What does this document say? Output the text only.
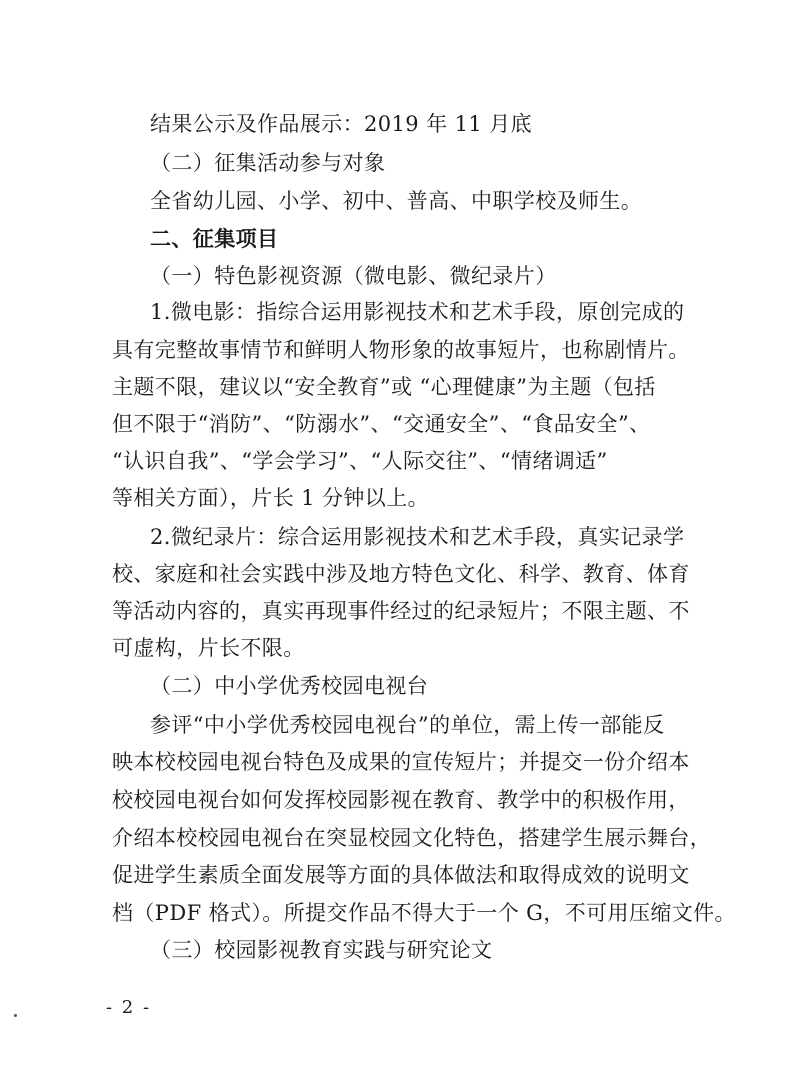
结果公示及作品展示：2019 年 11 月底
（二）征集活动参与对象
全省幼儿园、小学、初中、普高、中职学校及师生。
二、征集项目
（一）特色影视资源（微电影、微纪录片）
1.微电影：指综合运用影视技术和艺术手段，原创完成的
具有完整故事情节和鲜明人物形象的故事短片，也称剧情片。
主题不限，建议以“安全教育”或 “心理健康”为主题（包括
但不限于“消防”、“防溺水”、“交通安全”、“食品安全”、
“认识自我”、“学会学习”、“人际交往”、“情绪调适”
等相关方面），片长 1 分钟以上。
2.微纪录片：综合运用影视技术和艺术手段，真实记录学
校、家庭和社会实践中涉及地方特色文化、科学、教育、体育
等活动内容的，真实再现事件经过的纪录短片；不限主题、不
可虚构，片长不限。
（二）中小学优秀校园电视台
参评“中小学优秀校园电视台”的单位，需上传一部能反
映本校校园电视台特色及成果的宣传短片；并提交一份介绍本
校校园电视台如何发挥校园影视在教育、教学中的积极作用，
介绍本校校园电视台在突显校园文化特色，搭建学生展示舞台，
促进学生素质全面发展等方面的具体做法和取得成效的说明文
档（PDF 格式）。所提交作品不得大于一个 G，不可用压缩文件。
（三）校园影视教育实践与研究论文
- 2 -
